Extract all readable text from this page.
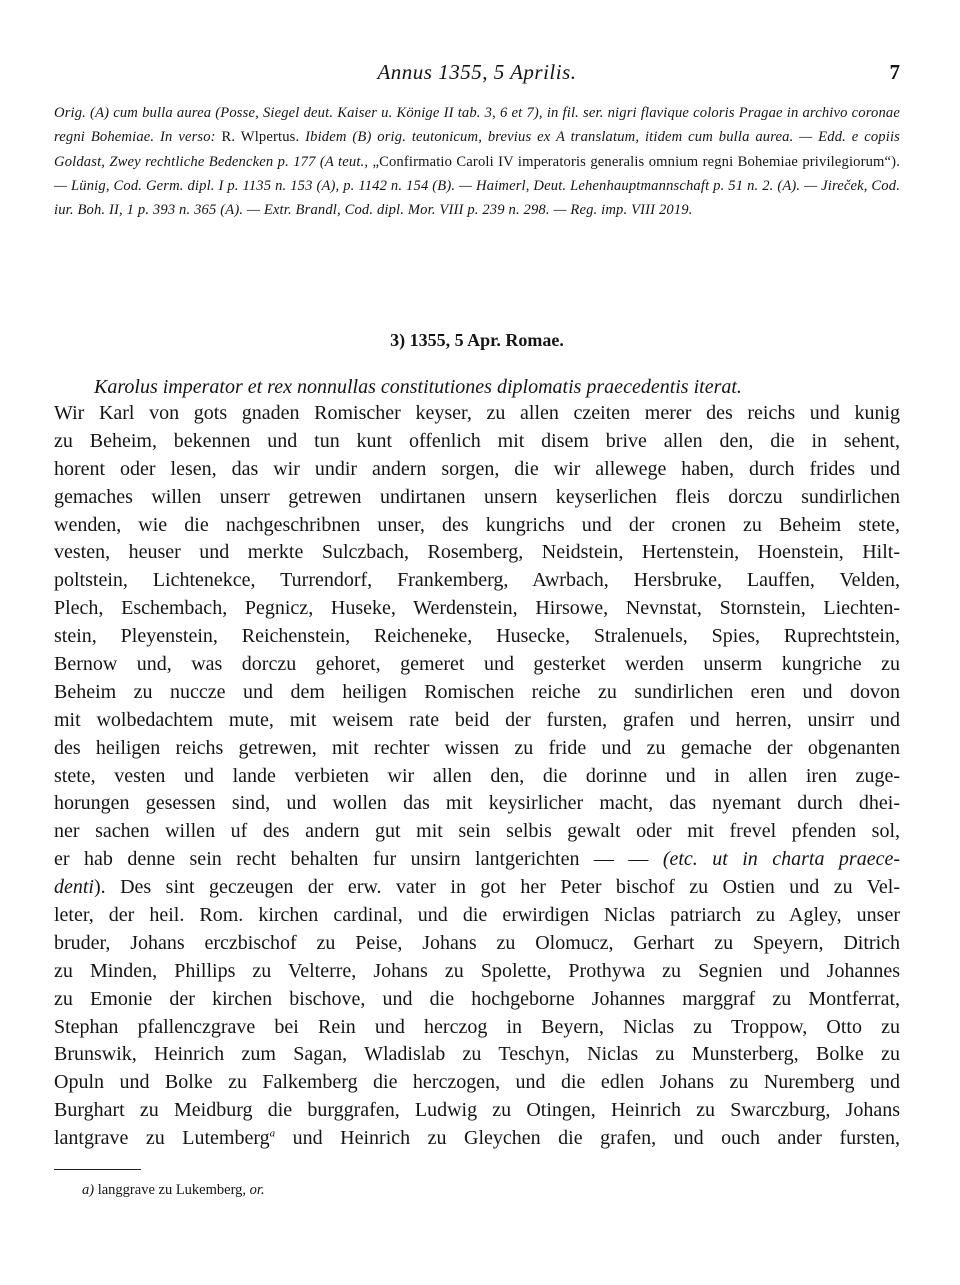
Annus 1355, 5 Aprilis.	7

Orig. (A) cum bulla aurea (Posse, Siegel deut. Kaiser u. Könige II tab. 3, 6 et 7), in fil. ser. nigri flavique coloris Pragae in archivo coronae regni Bohemiae. In verso: R. Wlpertus. Ibidem (B) orig. teutonicum, brevius ex A translatum, itidem cum bulla aurea. — Edd. e copiis Goldast, Zwey rechtliche Bedencken p. 177 (A teut., „Confirmatio Caroli IV imperatoris generalis omnium regni Bohemiae privilegiorum“). — Lünig, Cod. Germ. dipl. I p. 1135 n. 153 (A), p. 1142 n. 154 (B). — Haimerl, Deut. Lehenhauptmannschaft p. 51 n. 2. (A). — Jireček, Cod. iur. Boh. II, 1 p. 393 n. 365 (A). — Extr. Brandl, Cod. dipl. Mor. VIII p. 239 n. 298. — Reg. imp. VIII 2019.

3) 1355, 5 Apr. Romae.

Karolus imperator et rex nonnullas constitutiones diplomatis praecedentis iterat.

Wir Karl von gots gnaden Romischer keyser, zu allen czeiten merer des reichs und kunig
zu Beheim, bekennen und tun kunt offenlich mit disem brive allen den, die in sehent,
horent oder lesen, das wir undir andern sorgen, die wir allewege haben, durch frides und
gemaches willen unserr getrewen undirtanen unsern keyserlichen fleis dorczu sundirlichen
wenden, wie die nachgeschribnen unser, des kungrichs und der cronen zu Beheim stete,
vesten, heuser und merkte Sulczbach, Rosemberg, Neidstein, Hertenstein, Hoenstein, Hilt-
poltstein, Lichtenekce, Turrendorf, Frankemberg, Awrbach, Hersbruke, Lauffen, Velden,
Plech, Eschembach, Pegnicz, Huseke, Werdenstein, Hirsowe, Nevnstat, Stornstein, Liechten-
stein, Pleyenstein, Reichenstein, Reicheneke, Husecke, Stralenuels, Spies, Ruprechtstein,
Bernow und, was dorczu gehoret, gemeret und gesterket werden unserm kungriche zu
Beheim zu nuccze und dem heiligen Romischen reiche zu sundirlichen eren und dovon
mit wolbedachtem mute, mit weisem rate beid der fursten, grafen und herren, unsirr und
des heiligen reichs getrewen, mit rechter wissen zu fride und zu gemache der obgenanten
stete, vesten und lande verbieten wir allen den, die dorinne und in allen iren zuge-
horungen gesessen sind, und wollen das mit keysirlicher macht, das nyemant durch dhei-
ner sachen willen uf des andern gut mit sein selbis gewalt oder mit frevel pfenden sol,
er hab denne sein recht behalten fur unsirn lantgerichten — — (etc. ut in charta praece-
denti). Des sint geczeugen der erw. vater in got her Peter bischof zu Ostien und zu Vel-
leter, der heil. Rom. kirchen cardinal, und die erwirdigen Niclas patriarch zu Agley, unser
bruder, Johans erczbischof zu Peise, Johans zu Olomucz, Gerhart zu Speyern, Ditrich
zu Minden, Phillips zu Velterre, Johans zu Spolette, Prothywa zu Segnien und Johannes
zu Emonie der kirchen bischove, und die hochgeborne Johannes marggraf zu Montferrat,
Stephan pfallenczgrave bei Rein und herczog in Beyern, Niclas zu Troppow, Otto zu
Brunswik, Heinrich zum Sagan, Wladislab zu Teschyn, Niclas zu Munsterberg, Bolke zu
Opuln und Bolke zu Falkemberg die herczogen, und die edlen Johans zu Nuremberg und
Burghart zu Meidburg die burggrafen, Ludwig zu Otingen, Heinrich zu Swarczburg, Johans
lantgrave zu Lutemberg$^a$ und Heinrich zu Gleychen die grafen, und ouch ander fursten,

a) langgrave zu Lukemberg, or.
